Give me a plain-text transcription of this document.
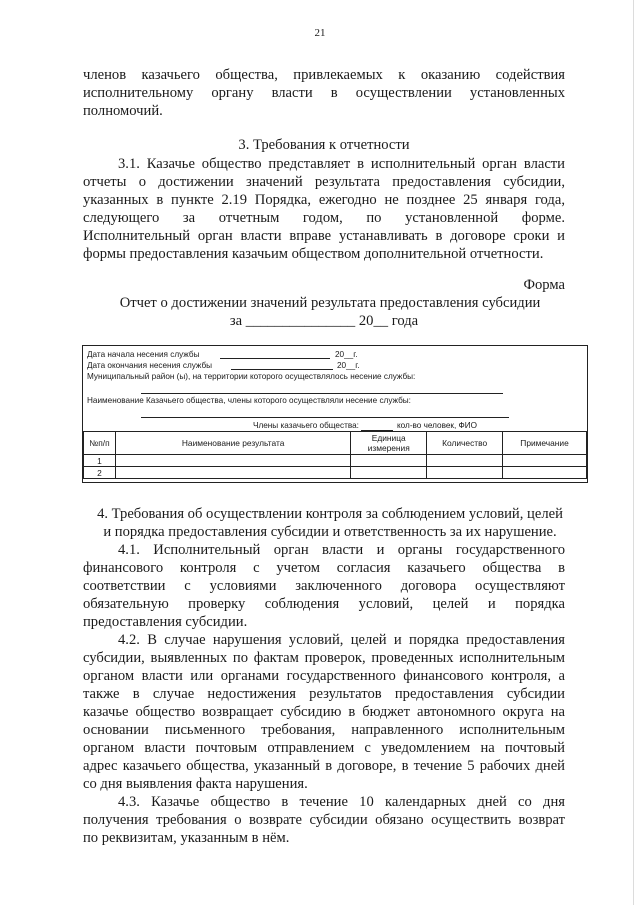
21
членов казачьего общества, привлекаемых к оказанию содействия
исполнительному органу власти в осуществлении установленных
полномочий.
3. Требования к отчетности
3.1. Казачье общество представляет в исполнительный орган власти
отчеты о достижении значений результата предоставления субсидии,
указанных в пункте 2.19 Порядка, ежегодно не позднее 25 января года,
следующего за отчетным годом, по установленной форме.
Исполнительный орган власти вправе устанавливать в договоре сроки и
формы предоставления казачьим обществом дополнительной отчетности.
Форма
Отчет о достижении значений результата предоставления субсидии
за _______________ 20__ года
Дата начала несения службы	20__г.
Дата окончания несения службы	20__г.
Муниципальный район (ы), на территории которого осуществлялось несение службы:
Наименование Казачьего общества, члены которого осуществляли несение службы:
Члены казачьего общества:	кол-во человек, ФИО
№п/п	Наименование результата	Единица измерения	Количество	Примечание
1				
2				
4. Требования об осуществлении контроля за соблюдением условий, целей
и порядка предоставления субсидии и ответственность за их нарушение.
4.1. Исполнительный орган власти и органы государственного
финансового контроля с учетом согласия казачьего общества в
соответствии с условиями заключенного договора осуществляют
обязательную проверку соблюдения условий, целей и порядка
предоставления субсидии.
4.2. В случае нарушения условий, целей и порядка предоставления
субсидии, выявленных по фактам проверок, проведенных исполнительным
органом власти или органами государственного финансового контроля, а
также в случае недостижения результатов предоставления субсидии
казачье общество возвращает субсидию в бюджет автономного округа на
основании письменного требования, направленного исполнительным
органом власти почтовым отправлением с уведомлением на почтовый
адрес казачьего общества, указанный в договоре, в течение 5 рабочих дней
со дня выявления факта нарушения.
4.3. Казачье общество в течение 10 календарных дней со дня
получения требования о возврате субсидии обязано осуществить возврат
по реквизитам, указанным в нём.
